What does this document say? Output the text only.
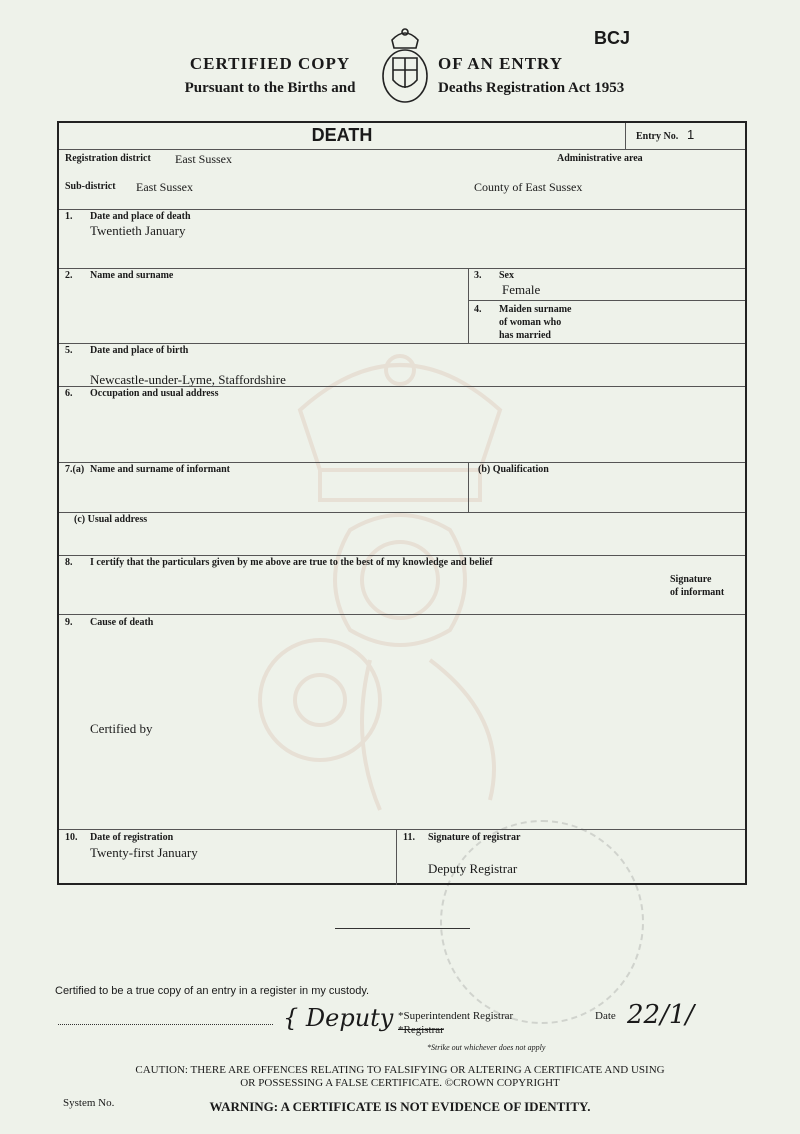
CERTIFIED COPY
Pursuant to the Births and
OF AN ENTRY
Deaths Registration Act 1953
BCJ
DEATH	Entry No. 1
Registration district East Sussex	Administrative area
Sub-district East Sussex	County of East Sussex
1. Date and place of death
Twentieth January
2. Name and surname	3. Sex
Female
4. Maiden surname
of woman who
has married
5. Date and place of birth
Newcastle-under-Lyme, Staffordshire
6. Occupation and usual address
7.(a) Name and surname of informant	(b) Qualification
(c) Usual address
8. I certify that the particulars given by me above are true to the best of my knowledge and belief
Signature
of informant
9. Cause of death
Certified by
10. Date of registration
Twenty-first January
11. Signature of registrar
Deputy Registrar
Certified to be a true copy of an entry in a register in my custody.
{ Deputy *Superintendent Registrar
*Registrar
Date 22/1/
*Strike out whichever does not apply
CAUTION: THERE ARE OFFENCES RELATING TO FALSIFYING OR ALTERING A CERTIFICATE AND USING
OR POSSESSING A FALSE CERTIFICATE. ©CROWN COPYRIGHT
System No.	WARNING: A CERTIFICATE IS NOT EVIDENCE OF IDENTITY.
